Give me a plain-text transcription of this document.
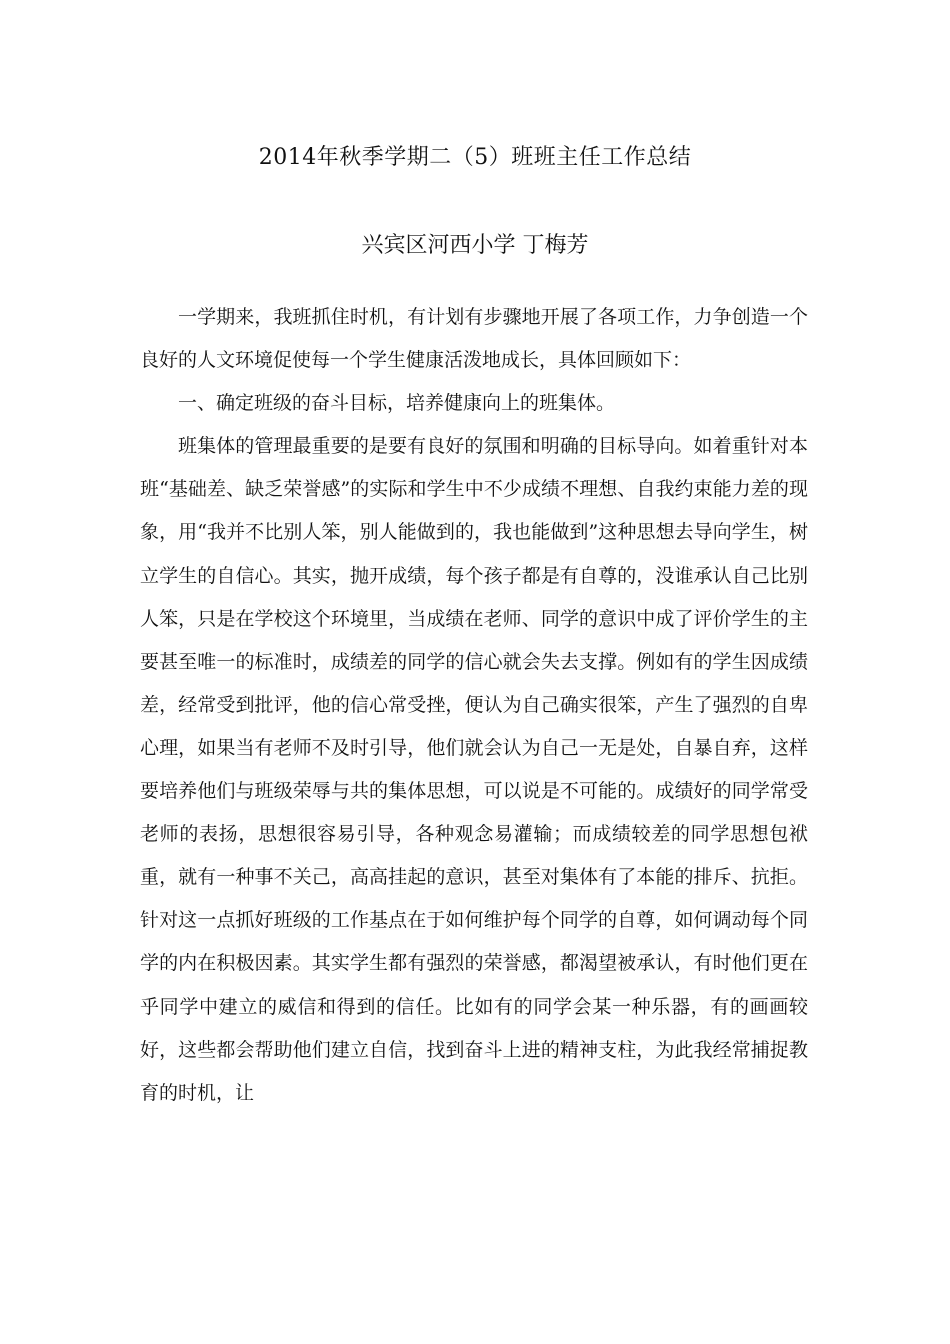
2014年秋季学期二（5）班班主任工作总结
兴宾区河西小学 丁梅芳

一学期来，我班抓住时机，有计划有步骤地开展了各项工作，力争创造一个良好的人文环境促使每一个学生健康活泼地成长，具体回顾如下：

一、确定班级的奋斗目标，培养健康向上的班集体。

班集体的管理最重要的是要有良好的氛围和明确的目标导向。如着重针对本班“基础差、缺乏荣誉感”的实际和学生中不少成绩不理想、自我约束能力差的现象，用“我并不比别人笨，别人能做到的，我也能做到”这种思想去导向学生，树立学生的自信心。其实，抛开成绩，每个孩子都是有自尊的，没谁承认自己比别人笨，只是在学校这个环境里，当成绩在老师、同学的意识中成了评价学生的主要甚至唯一的标准时，成绩差的同学的信心就会失去支撑。例如有的学生因成绩差，经常受到批评，他的信心常受挫，便认为自己确实很笨，产生了强烈的自卑心理，如果当有老师不及时引导，他们就会认为自己一无是处，自暴自弃，这样要培养他们与班级荣辱与共的集体思想，可以说是不可能的。成绩好的同学常受老师的表扬，思想很容易引导，各种观念易灌输；而成绩较差的同学思想包袱重，就有一种事不关己，高高挂起的意识，甚至对集体有了本能的排斥、抗拒。针对这一点抓好班级的工作基点在于如何维护每个同学的自尊，如何调动每个同学的内在积极因素。其实学生都有强烈的荣誉感，都渴望被承认，有时他们更在乎同学中建立的威信和得到的信任。比如有的同学会某一种乐器，有的画画较好，这些都会帮助他们建立自信，找到奋斗上进的精神支柱，为此我经常捕捉教育的时机，让
